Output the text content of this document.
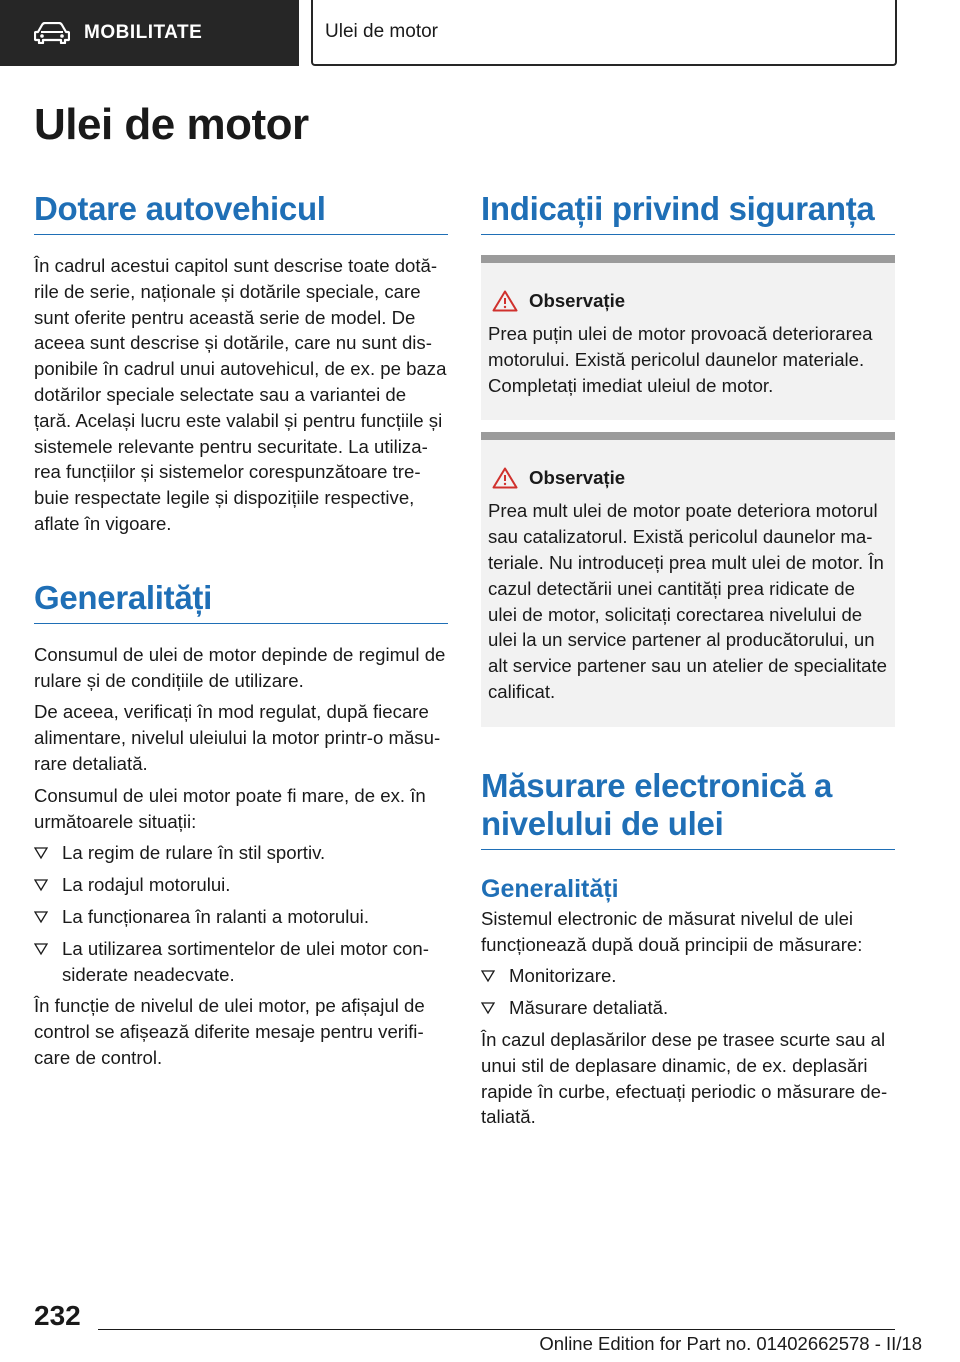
MOBILITATE	Ulei de motor
Ulei de motor
Dotare autovehicul

În cadrul acestui capitol sunt descrise toate dotările de serie, naționale și dotările speciale, care sunt oferite pentru această serie de model. De aceea sunt descrise și dotările, care nu sunt disponibile în cadrul unui autovehicul, de ex. pe baza dotărilor speciale selectate sau a variantei de țară. Același lucru este valabil și pentru funcțiile și sistemele relevante pentru securitate. La utilizarea funcțiilor și sistemelor corespunzătoare trebuie respectate legile și dispozițiile respective, aflate în vigoare.

Generalități

Consumul de ulei de motor depinde de regimul de rulare și de condițiile de utilizare.

De aceea, verificați în mod regulat, după fiecare alimentare, nivelul uleiului la motor printr-o măsurare detaliată.

Consumul de ulei motor poate fi mare, de ex. în următoarele situații:

La regim de rulare în stil sportiv.
La rodajul motorului.
La funcționarea în ralanti a motorului.
La utilizarea sortimentelor de ulei motor considerate neadecvate.

În funcție de nivelul de ulei motor, pe afișajul de control se afișează diferite mesaje pentru verificare de control.

Indicații privind siguranța
Observație

Prea puțin ulei de motor provoacă deteriorarea motorului. Există pericolul daunelor materiale. Completați imediat uleiul de motor.

Observație

Prea mult ulei de motor poate deteriora motorul sau catalizatorul. Există pericolul daunelor materiale. Nu introduceți prea mult ulei de motor. În cazul detectării unei cantități prea ridicate de ulei de motor, solicitați corectarea nivelului de ulei la un service partener al producătorului, un alt service partener sau un atelier de specialitate calificat.

Măsurare electronică a nivelului de ulei
Generalități

Sistemul electronic de măsurat nivelul de ulei funcționează după două principii de măsurare:

Monitorizare.
Măsurare detaliată.

În cazul deplasărilor dese pe trasee scurte sau al unui stil de deplasare dinamic, de ex. deplasări rapide în curbe, efectuați periodic o măsurare detaliată.

232
Online Edition for Part no. 01402662578 - II/18
